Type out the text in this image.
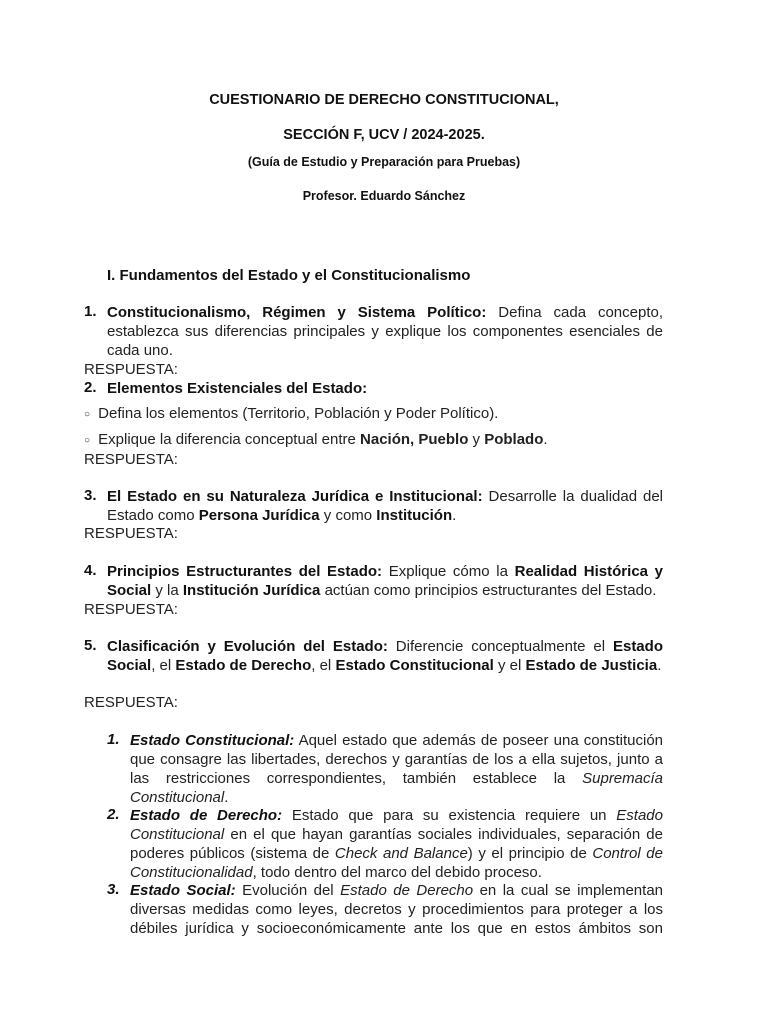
CUESTIONARIO DE DERECHO CONSTITUCIONAL,
SECCIÓN F, UCV / 2024-2025.
(Guía de Estudio y Preparación para Pruebas)
Profesor. Eduardo Sánchez
I. Fundamentos del Estado y el Constitucionalismo
1. Constitucionalismo, Régimen y Sistema Político: Defina cada concepto, establezca sus diferencias principales y explique los componentes esenciales de cada uno.
RESPUESTA:
2. Elementos Existenciales del Estado:
○ Defina los elementos (Territorio, Población y Poder Político).
○ Explique la diferencia conceptual entre Nación, Pueblo y Poblado.
RESPUESTA:
3. El Estado en su Naturaleza Jurídica e Institucional: Desarrolle la dualidad del Estado como Persona Jurídica y como Institución.
RESPUESTA:
4. Principios Estructurantes del Estado: Explique cómo la Realidad Histórica y Social y la Institución Jurídica actúan como principios estructurantes del Estado.
RESPUESTA:
5. Clasificación y Evolución del Estado: Diferencie conceptualmente el Estado Social, el Estado de Derecho, el Estado Constitucional y el Estado de Justicia.
RESPUESTA:
1. Estado Constitucional: Aquel estado que además de poseer una constitución que consagre las libertades, derechos y garantías de los a ella sujetos, junto a las restricciones correspondientes, también establece la Supremacía Constitucional.
2. Estado de Derecho: Estado que para su existencia requiere un Estado Constitucional en el que hayan garantías sociales individuales, separación de poderes públicos (sistema de Check and Balance) y el principio de Control de Constitucionalidad, todo dentro del marco del debido proceso.
3. Estado Social: Evolución del Estado de Derecho en la cual se implementan diversas medidas como leyes, decretos y procedimientos para proteger a los débiles jurídica y socioeconómicamente ante los que en estos ámbitos son
